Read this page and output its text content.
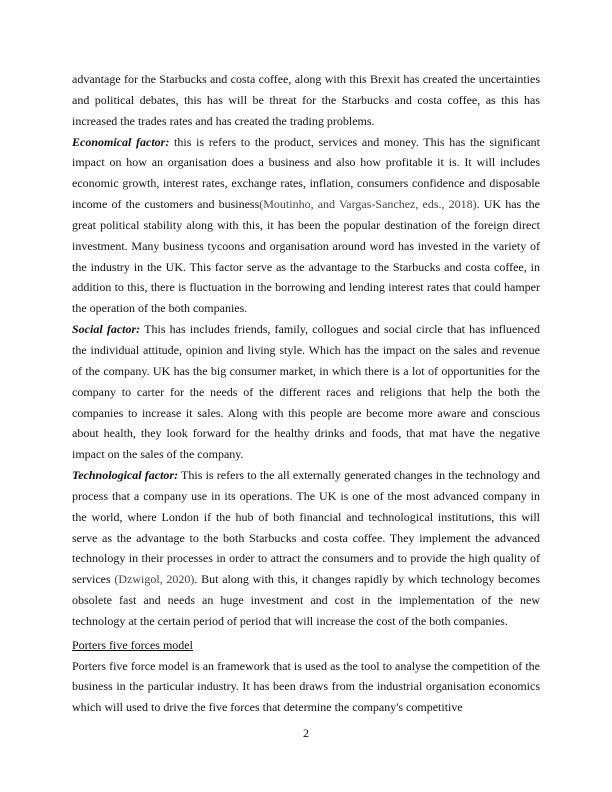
advantage for the Starbucks and costa coffee, along with this Brexit has created the uncertainties and political debates, this has will be threat for the Starbucks and costa coffee, as this has increased the trades rates and has created the trading problems.

Economical factor: this is refers to the product, services and money. This has the significant impact on how an organisation does a business and also how profitable it is. It will includes economic growth, interest rates, exchange rates, inflation, consumers confidence and disposable income of the customers and business(Moutinho, and Vargas-Sanchez, eds., 2018). UK has the great political stability along with this, it has been the popular destination of the foreign direct investment. Many business tycoons and organisation around word has invested in the variety of the industry in the UK. This factor serve as the advantage to the Starbucks and costa coffee, in addition to this, there is fluctuation in the borrowing and lending interest rates that could hamper the operation of the both companies.

Social factor: This has includes friends, family, collogues and social circle that has influenced the individual attitude, opinion and living style. Which has the impact on the sales and revenue of the company. UK has the big consumer market, in which there is a lot of opportunities for the company to carter for the needs of the different races and religions that help the both the companies to increase it sales. Along with this people are become more aware and conscious about health, they look forward for the healthy drinks and foods, that mat have the negative impact on the sales of the company.

Technological factor: This is refers to the all externally generated changes in the technology and process that a company use in its operations. The UK is one of the most advanced company in the world, where London if the hub of both financial and technological institutions, this will serve as the advantage to the both Starbucks and costa coffee. They implement the advanced technology in their processes in order to attract the consumers and to provide the high quality of services (Dzwigol, 2020). But along with this, it changes rapidly by which technology becomes obsolete fast and needs an huge investment and cost in the implementation of the new technology at the certain period of period that will increase the cost of the both companies.

Porters five forces model

Porters five force model is an framework that is used as the tool to analyse the competition of the business in the particular industry. It has been draws from the industrial organisation economics which will used to drive the five forces that determine the company's competitive

2
